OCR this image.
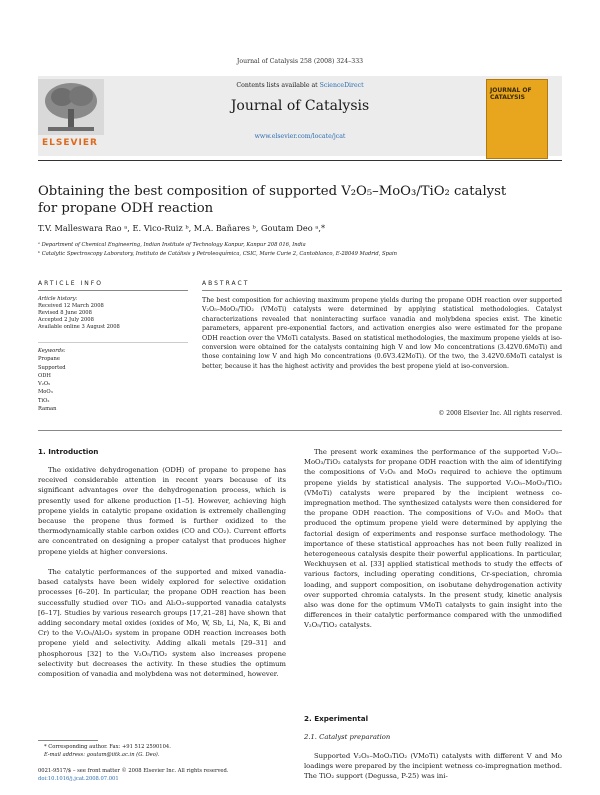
Journal of Catalysis 258 (2008) 324–333
ELSEVIER
Contents lists available at ScienceDirect
Journal of Catalysis
www.elsevier.com/locate/jcat
JOURNAL OF CATALYSIS
Obtaining the best composition of supported V₂O₅–MoO₃/TiO₂ catalyst
for propane ODH reaction
T.V. Malleswara Rao ᵃ, E. Vico-Ruiz ᵇ, M.A. Bañares ᵇ, Goutam Deo ᵃ,*
ᵃ Department of Chemical Engineering, Indian Institute of Technology Kanpur, Kanpur 208 016, India
ᵇ Catalytic Spectroscopy Laboratory, Instituto de Catálisis y Petroleoquímica, CSIC, Marie Curie 2, Cantoblanco, E-28049 Madrid, Spain
ARTICLE INFO	ABSTRACT
Article history:
Received 12 March 2008
Revised 8 June 2008
Accepted 2 July 2008
Available online 3 August 2008
Keywords:
Propane
Supported
ODH
V₂O₅
MoO₃
TiO₂
Raman
The best composition for achieving maximum propene yields during the propane ODH reaction over supported V₂O₅–MoO₃/TiO₂ (VMoTi) catalysts were determined by applying statistical methodologies. Catalyst characterizations revealed that noninteracting surface vanadia and molybdena species exist. The kinetic parameters, apparent pre-exponential factors, and activation energies also were estimated for the propane ODH reaction over the VMoTi catalysts. Based on statistical methodologies, the maximum propene yields at iso-conversion were obtained for the catalysts containing high V and low Mo concentrations (3.42V0.6MoTi) and those containing low V and high Mo concentrations (0.6V3.42MoTi). Of the two, the 3.42V0.6MoTi catalyst is better, because it has the highest activity and provides the best propene yield at iso-conversion.
© 2008 Elsevier Inc. All rights reserved.
1. Introduction
The oxidative dehydrogenation (ODH) of propane to propene has received considerable attention in recent years because of its significant advantages over the dehydrogenation process, which is presently used for alkene production [1–5]. However, achieving high propene yields in catalytic propane oxidation is extremely challenging because the propene thus formed is further oxidized to the thermodynamically stable carbon oxides (CO and CO₂). Current efforts are concentrated on designing a proper catalyst that produces higher propene yields at higher conversions.
The catalytic performances of the supported and mixed vanadia-based catalysts have been widely explored for selective oxidation processes [6–20]. In particular, the propane ODH reaction has been successfully studied over TiO₂ and Al₂O₃-supported vanadia catalysts [6–17]. Studies by various research groups [17,21–28] have shown that adding secondary metal oxides (oxides of Mo, W, Sb, Li, Na, K, Bi and Cr) to the V₂O₅/Al₂O₃ system in propane ODH reaction increases both propene yield and selectivity. Adding alkali metals [29–31] and phosphorous [32] to the V₂O₅/TiO₂ system also increases propene selectivity but decreases the activity. In these studies the optimum composition of vanadia and molybdena was not determined, however.
The present work examines the performance of the supported V₂O₅–MoO₃/TiO₂ catalysts for propane ODH reaction with the aim of identifying the compositions of V₂O₅ and MoO₃ required to achieve the optimum propene yields by statistical analysis. The supported V₂O₅–MoO₃/TiO₂ (VMoTi) catalysts were prepared by the incipient wetness co-impregnation method. The synthesized catalysts were then considered for the propane ODH reaction. The compositions of V₂O₅ and MoO₃ that produced the optimum propene yield were determined by applying the factorial design of experiments and response surface methodology. The importance of these statistical approaches has not been fully realized in heterogeneous catalysis despite their powerful applications. In particular, Weckhuysen et al. [33] applied statistical methods to study the effects of various factors, including operating conditions, Cr-speciation, chromia loading, and support composition, on isobutane dehydrogenation activity over supported chromia catalysts. In the present study, kinetic analysis also was done for the optimum VMoTi catalysts to gain insight into the differences in their catalytic performance compared with the unmodified V₂O₅/TiO₂ catalysts.
2. Experimental
2.1. Catalyst preparation
Supported V₂O₅–MoO₃TiO₂ (VMoTi) catalysts with different V and Mo loadings were prepared by the incipient wetness co-impregnation method. The TiO₂ support (Degussa, P-25) was ini-
* Corresponding author. Fax: +91 512 2590104.
E-mail address: goutam@iitk.ac.in (G. Deo).
0021-9517/$ – see front matter © 2008 Elsevier Inc. All rights reserved.
doi:10.1016/j.jcat.2008.07.001
